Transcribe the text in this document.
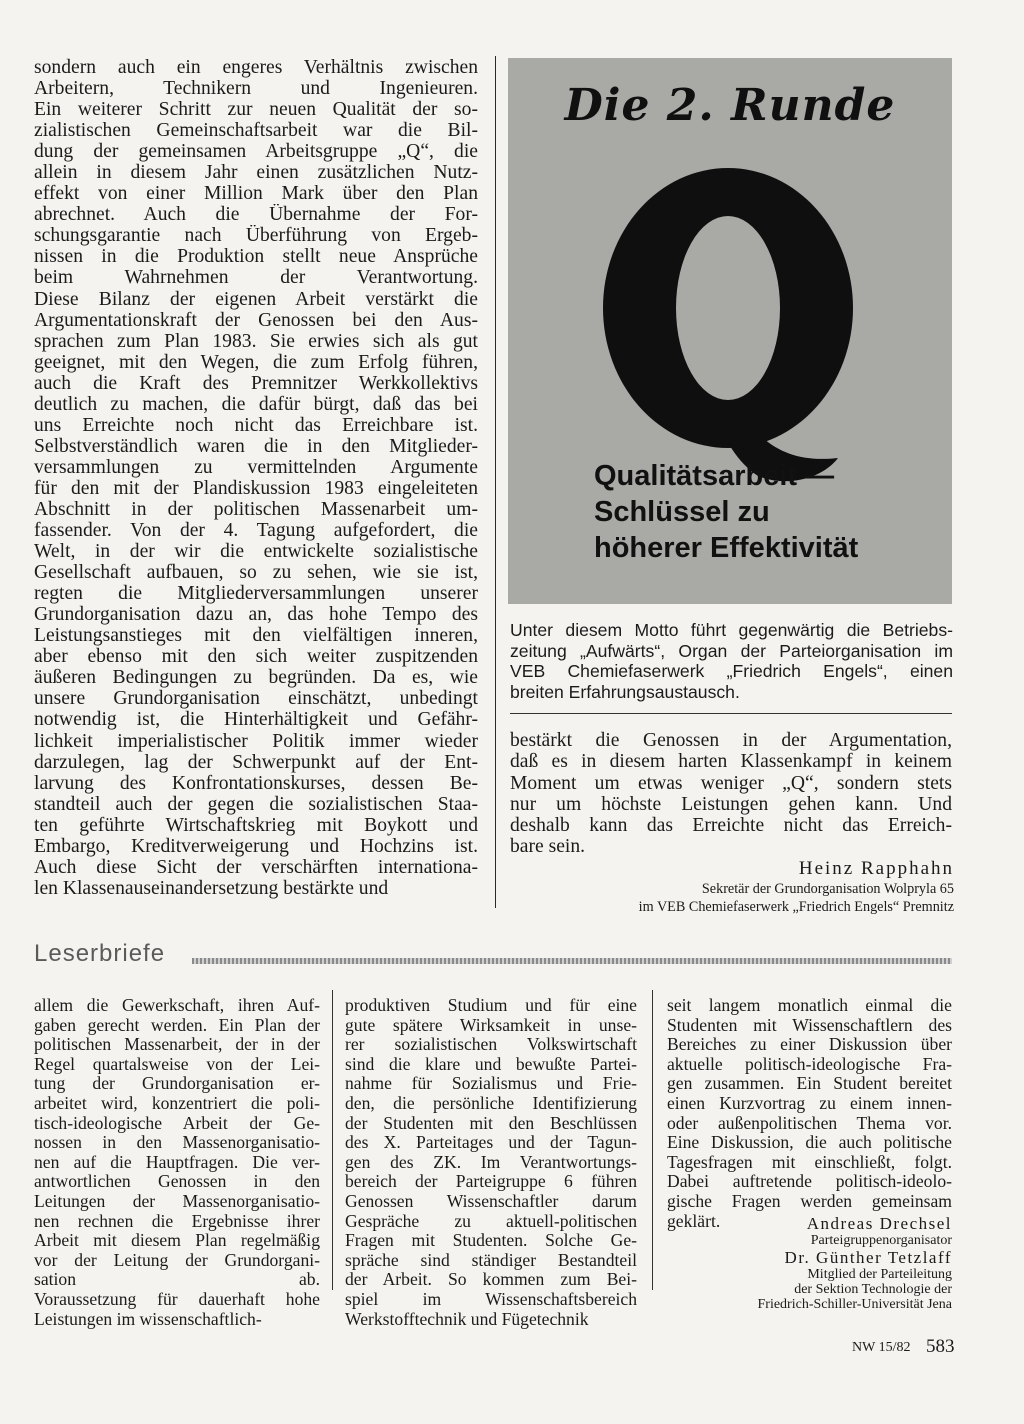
sondern auch ein engeres Verhältnis zwischen
Arbeitern, Technikern und Ingenieuren.
Ein weiterer Schritt zur neuen Qualität der so-
zialistischen Gemeinschaftsarbeit war die Bil-
dung der gemeinsamen Arbeitsgruppe „Q“, die
allein in diesem Jahr einen zusätzlichen Nutz-
effekt von einer Million Mark über den Plan
abrechnet. Auch die Übernahme der For-
schungsgarantie nach Überführung von Ergeb-
nissen in die Produktion stellt neue Ansprüche
beim Wahrnehmen der Verantwortung.
Diese Bilanz der eigenen Arbeit verstärkt die
Argumentationskraft der Genossen bei den Aus-
sprachen zum Plan 1983. Sie erwies sich als gut
geeignet, mit den Wegen, die zum Erfolg führen,
auch die Kraft des Premnitzer Werkkollektivs
deutlich zu machen, die dafür bürgt, daß das bei
uns Erreichte noch nicht das Erreichbare ist.
Selbstverständlich waren die in den Mitglieder-
versammlungen zu vermittelnden Argumente
für den mit der Plandiskussion 1983 eingeleiteten
Abschnitt in der politischen Massenarbeit um-
fassender. Von der 4. Tagung aufgefordert, die
Welt, in der wir die entwickelte sozialistische
Gesellschaft aufbauen, so zu sehen, wie sie ist,
regten die Mitgliederversammlungen unserer
Grundorganisation dazu an, das hohe Tempo des
Leistungsanstieges mit den vielfältigen inneren,
aber ebenso mit den sich weiter zuspitzenden
äußeren Bedingungen zu begründen. Da es, wie
unsere Grundorganisation einschätzt, unbedingt
notwendig ist, die Hinterhältigkeit und Gefähr-
lichkeit imperialistischer Politik immer wieder
darzulegen, lag der Schwerpunkt auf der Ent-
larvung des Konfrontationskurses, dessen Be-
standteil auch der gegen die sozialistischen Staa-
ten geführte Wirtschaftskrieg mit Boykott und
Embargo, Kreditverweigerung und Hochzins ist.
Auch diese Sicht der verschärften internationa-
len Klassenauseinandersetzung bestärkte und
Die 2. Runde
Qualitätsarbeit —
Schlüssel zu
höherer Effektivität
Unter diesem Motto führt gegenwärtig die Betriebs-
zeitung „Aufwärts“, Organ der Parteiorganisation im
VEB Chemiefaserwerk „Friedrich Engels“, einen
breiten Erfahrungsaustausch.
bestärkt die Genossen in der Argumentation,
daß es in diesem harten Klassenkampf in keinem
Moment um etwas weniger „Q“, sondern stets
nur um höchste Leistungen gehen kann. Und
deshalb kann das Erreichte nicht das Erreich-
bare sein.
Heinz Rapphahn
Sekretär der Grundorganisation Wolpryla 65
im VEB Chemiefaserwerk „Friedrich Engels“ Premnitz
Leserbriefe
allem die Gewerkschaft, ihren Auf-
gaben gerecht werden. Ein Plan der
politischen Massenarbeit, der in der
Regel quartalsweise von der Lei-
tung der Grundorganisation er-
arbeitet wird, konzentriert die poli-
tisch-ideologische Arbeit der Ge-
nossen in den Massenorganisatio-
nen auf die Hauptfragen. Die ver-
antwortlichen Genossen in den
Leitungen der Massenorganisatio-
nen rechnen die Ergebnisse ihrer
Arbeit mit diesem Plan regelmäßig
vor der Leitung der Grundorgani-
sation ab.
Voraussetzung für dauerhaft hohe
Leistungen im wissenschaftlich-
produktiven Studium und für eine
gute spätere Wirksamkeit in unse-
rer sozialistischen Volkswirtschaft
sind die klare und bewußte Partei-
nahme für Sozialismus und Frie-
den, die persönliche Identifizierung
der Studenten mit den Beschlüssen
des X. Parteitages und der Tagun-
gen des ZK. Im Verantwortungs-
bereich der Parteigruppe 6 führen
Genossen Wissenschaftler darum
Gespräche zu aktuell-politischen
Fragen mit Studenten. Solche Ge-
spräche sind ständiger Bestandteil
der Arbeit. So kommen zum Bei-
spiel im Wissenschaftsbereich
Werkstofftechnik und Fügetechnik
seit langem monatlich einmal die
Studenten mit Wissenschaftlern des
Bereiches zu einer Diskussion über
aktuelle politisch-ideologische Fra-
gen zusammen. Ein Student bereitet
einen Kurzvortrag zu einem innen-
oder außenpolitischen Thema vor.
Eine Diskussion, die auch politische
Tagesfragen mit einschließt, folgt.
Dabei auftretende politisch-ideolo-
gische Fragen werden gemeinsam
geklärt.	Andreas Drechsel
Parteigruppenorganisator
Dr. Günther Tetzlaff
Mitglied der Parteileitung
der Sektion Technologie der
Friedrich-Schiller-Universität Jena
NW 15/82 583
